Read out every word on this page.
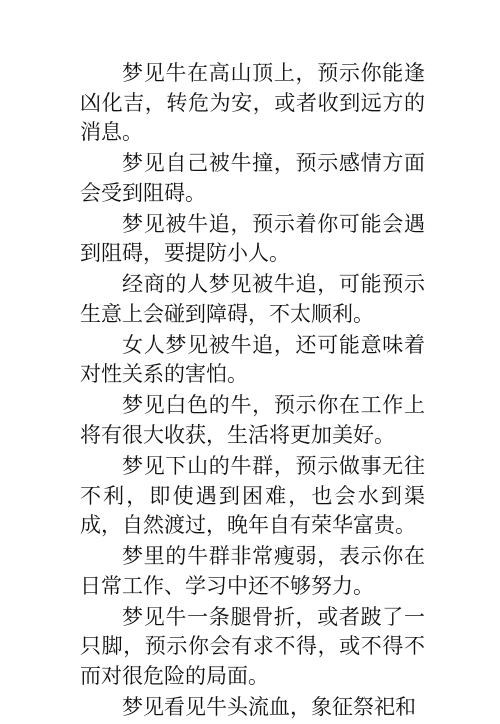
梦见牛在高山顶上，预示你能逢凶化吉，转危为安，或者收到远方的消息。

梦见自己被牛撞，预示感情方面会受到阻碍。

梦见被牛追，预示着你可能会遇到阻碍，要提防小人。

经商的人梦见被牛追，可能预示生意上会碰到障碍，不太顺利。

女人梦见被牛追，还可能意味着对性关系的害怕。

梦见白色的牛，预示你在工作上将有很大收获，生活将更加美好。

梦见下山的牛群，预示做事无往不利，即使遇到困难，也会水到渠成，自然渡过，晚年自有荣华富贵。

梦里的牛群非常瘦弱，表示你在日常工作、学习中还不够努力。

梦见牛一条腿骨折，或者跛了一只脚，预示你会有求不得，或不得不而对很危险的局面。

梦见看见牛头流血，象征祭祀和
